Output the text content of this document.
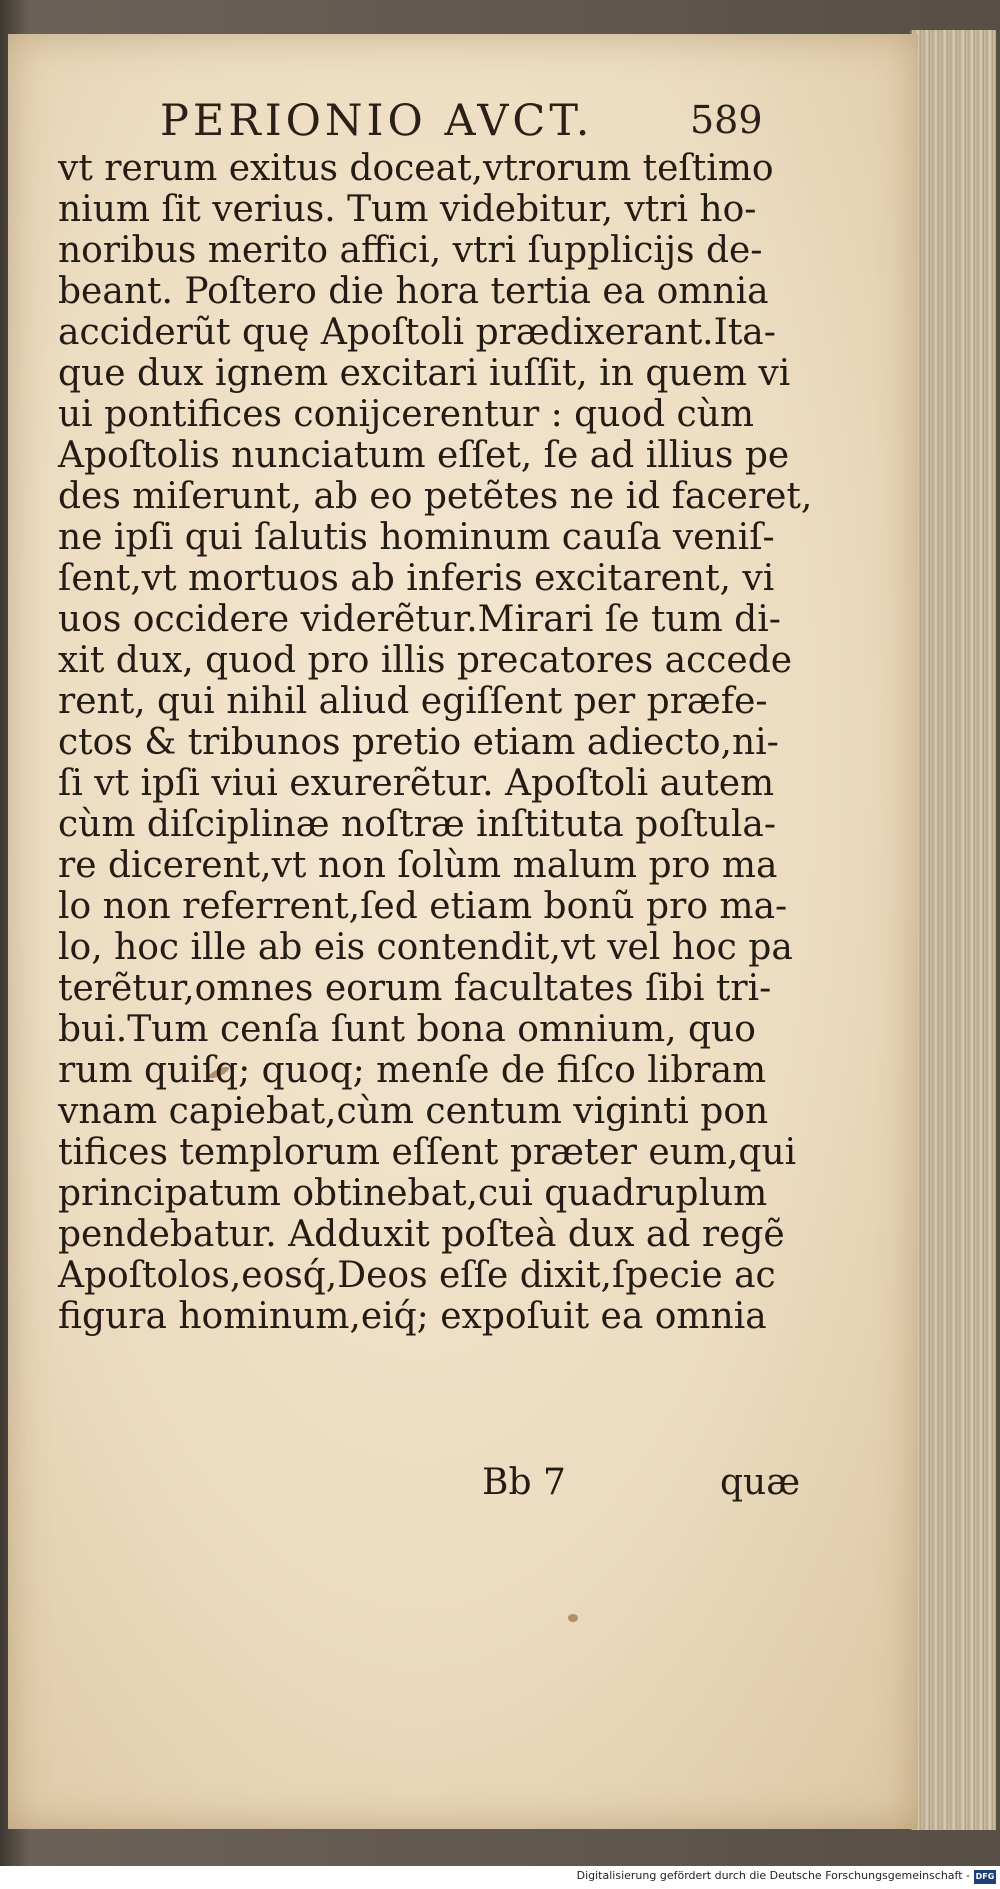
PERIONIO AVCT.	589
vt rerum exitus doceat,vtrorum teſtimo
nium ſit verius. Tum videbitur, vtri ho-
noribus merito affici, vtri ſupplicijs de-
beant. Poſtero die hora tertia ea omnia
acciderũt quę Apoſtoli prædixerant.Ita-
que dux ignem excitari iuſſit, in quem vi
ui pontifices conijcerentur : quod cùm
Apoſtolis nunciatum eſſet, ſe ad illius pe
des miſerunt, ab eo petẽtes ne id faceret,
ne ipſi qui ſalutis hominum cauſa veniſ-
ſent,vt mortuos ab inferis excitarent, vi
uos occidere viderẽtur.Mirari ſe tum di-
xit dux, quod pro illis precatores accede
rent, qui nihil aliud egiſſent per præfe-
ctos & tribunos pretio etiam adiecto,ni-
ſi vt ipſi viui exurerẽtur. Apoſtoli autem
cùm diſciplinæ noſtræ inſtituta poſtula-
re dicerent,vt non ſolùm malum pro ma
lo non referrent,ſed etiam bonũ pro ma-
lo, hoc ille ab eis contendit,vt vel hoc pa
terẽtur,omnes eorum facultates ſibi tri-
bui.Tum cenſa ſunt bona omnium, quo
rum quiſq; quoq; menſe de fiſco libram
vnam capiebat,cùm centum viginti pon
tifices templorum eſſent præter eum,qui
principatum obtinebat,cui quadruplum
pendebatur. Adduxit poſteà dux ad regẽ
Apoſtolos,eosq́,Deos eſſe dixit,ſpecie ac
figura hominum,eiq́; expoſuit ea omnia
Bb 7	quæ
Digitalisierung gefördert durch die Deutsche Forschungsgemeinschaft - DFG
